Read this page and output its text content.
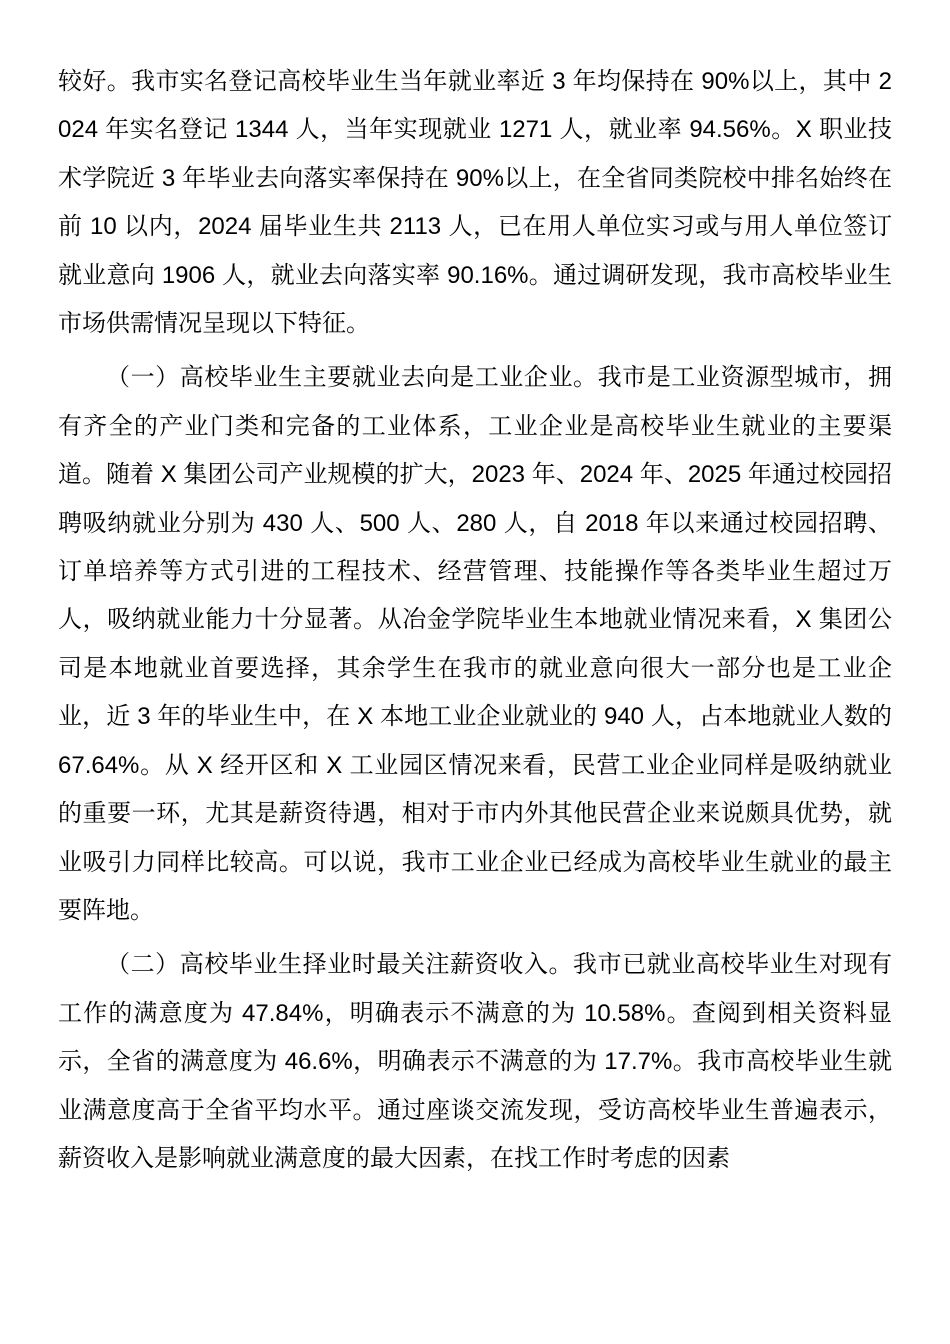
较好。我市实名登记高校毕业生当年就业率近 3 年均保持在 90%以上，其中 2024 年实名登记 1344 人，当年实现就业 1271 人，就业率 94.56%。X 职业技术学院近 3 年毕业去向落实率保持在 90%以上，在全省同类院校中排名始终在前 10 以内，2024 届毕业生共 2113 人，已在用人单位实习或与用人单位签订就业意向 1906 人，就业去向落实率 90.16%。通过调研发现，我市高校毕业生市场供需情况呈现以下特征。

（一）高校毕业生主要就业去向是工业企业。我市是工业资源型城市，拥有齐全的产业门类和完备的工业体系，工业企业是高校毕业生就业的主要渠道。随着 X 集团公司产业规模的扩大，2023 年、2024 年、2025 年通过校园招聘吸纳就业分别为 430 人、500 人、280 人，自 2018 年以来通过校园招聘、订单培养等方式引进的工程技术、经营管理、技能操作等各类毕业生超过万人，吸纳就业能力十分显著。从冶金学院毕业生本地就业情况来看，X 集团公司是本地就业首要选择，其余学生在我市的就业意向很大一部分也是工业企业，近 3 年的毕业生中，在 X 本地工业企业就业的 940 人，占本地就业人数的 67.64%。从 X 经开区和 X 工业园区情况来看，民营工业企业同样是吸纳就业的重要一环，尤其是薪资待遇，相对于市内外其他民营企业来说颇具优势，就业吸引力同样比较高。可以说，我市工业企业已经成为高校毕业生就业的最主要阵地。

（二）高校毕业生择业时最关注薪资收入。我市已就业高校毕业生对现有工作的满意度为 47.84%，明确表示不满意的为 10.58%。查阅到相关资料显示，全省的满意度为 46.6%，明确表示不满意的为 17.7%。我市高校毕业生就业满意度高于全省平均水平。通过座谈交流发现，受访高校毕业生普遍表示，薪资收入是影响就业满意度的最大因素，在找工作时考虑的因素
